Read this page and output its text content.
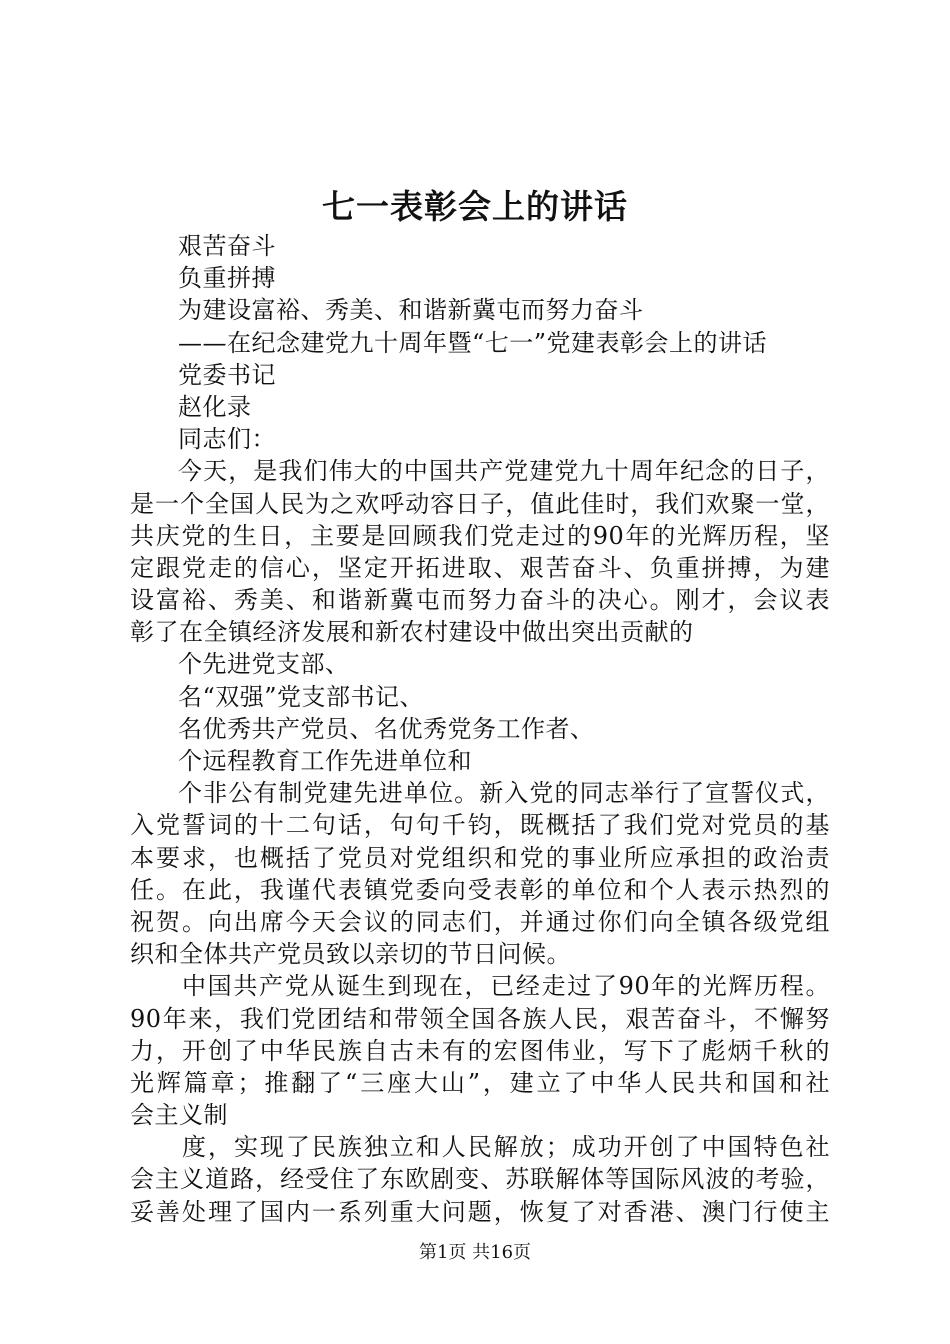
七一表彰会上的讲话
艰苦奋斗
负重拼搏
为建设富裕、秀美、和谐新冀屯而努力奋斗
——在纪念建党九十周年暨“七一”党建表彰会上的讲话
党委书记
赵化录
同志们：
今天，是我们伟大的中国共产党建党九十周年纪念的日子，
是一个全国人民为之欢呼动容日子，值此佳时，我们欢聚一堂，
共庆党的生日，主要是回顾我们党走过的90年的光辉历程，坚
定跟党走的信心，坚定开拓进取、艰苦奋斗、负重拼搏，为建
设富裕、秀美、和谐新冀屯而努力奋斗的决心。刚才，会议表
彰了在全镇经济发展和新农村建设中做出突出贡献的
个先进党支部、
名“双强”党支部书记、
名优秀共产党员、名优秀党务工作者、
个远程教育工作先进单位和
个非公有制党建先进单位。新入党的同志举行了宣誓仪式，
入党誓词的十二句话，句句千钧，既概括了我们党对党员的基
本要求，也概括了党员对党组织和党的事业所应承担的政治责
任。在此，我谨代表镇党委向受表彰的单位和个人表示热烈的
祝贺。向出席今天会议的同志们，并通过你们向全镇各级党组
织和全体共产党员致以亲切的节日问候。
中国共产党从诞生到现在，已经走过了90年的光辉历程。
90年来，我们党团结和带领全国各族人民，艰苦奋斗，不懈努
力，开创了中华民族自古未有的宏图伟业，写下了彪炳千秋的
光辉篇章；推翻了“三座大山”，建立了中华人民共和国和社
会主义制
度，实现了民族独立和人民解放；成功开创了中国特色社
会主义道路，经受住了东欧剧变、苏联解体等国际风波的考验，
妥善处理了国内一系列重大问题，恢复了对香港、澳门行使主
第1页 共16页
